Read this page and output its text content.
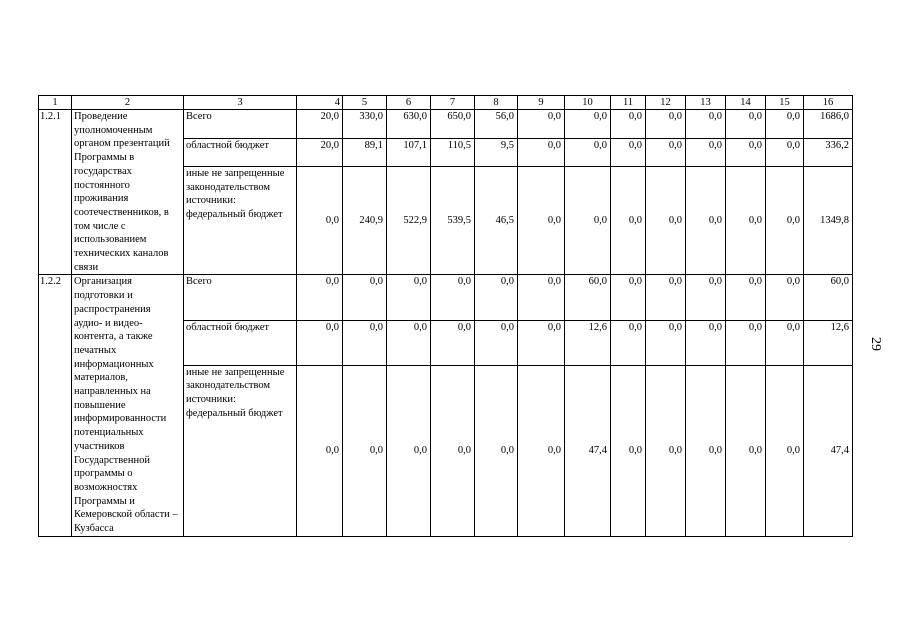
1	2	3	4	5	6	7	8	9	10	11	12	13	14	15	16
1.2.1	Проведение уполномоченным органом презентаций Программы в государствах постоянного проживания соотечественников, в том числе с использованием технических каналов связи	Всего	20,0	330,0	630,0	650,0	56,0	0,0	0,0	0,0	0,0	0,0	0,0	0,0	1686,0
		областной бюджет	20,0	89,1	107,1	110,5	9,5	0,0	0,0	0,0	0,0	0,0	0,0	0,0	336,2
		иные не запрещенные законодательством источники: федеральный бюджет	0,0	240,9	522,9	539,5	46,5	0,0	0,0	0,0	0,0	0,0	0,0	0,0	1349,8
1.2.2	Организация подготовки и распространения аудио- и видео-контента, а также печатных информационных материалов, направленных на повышение информированности потенциальных участников Государственной программы о возможностях Программы и Кемеровской области – Кузбасса	Всего	0,0	0,0	0,0	0,0	0,0	0,0	60,0	0,0	0,0	0,0	0,0	0,0	60,0
		областной бюджет	0,0	0,0	0,0	0,0	0,0	0,0	12,6	0,0	0,0	0,0	0,0	0,0	12,6
		иные не запрещенные законодательством источники: федеральный бюджет	0,0	0,0	0,0	0,0	0,0	0,0	47,4	0,0	0,0	0,0	0,0	0,0	47,4
29
